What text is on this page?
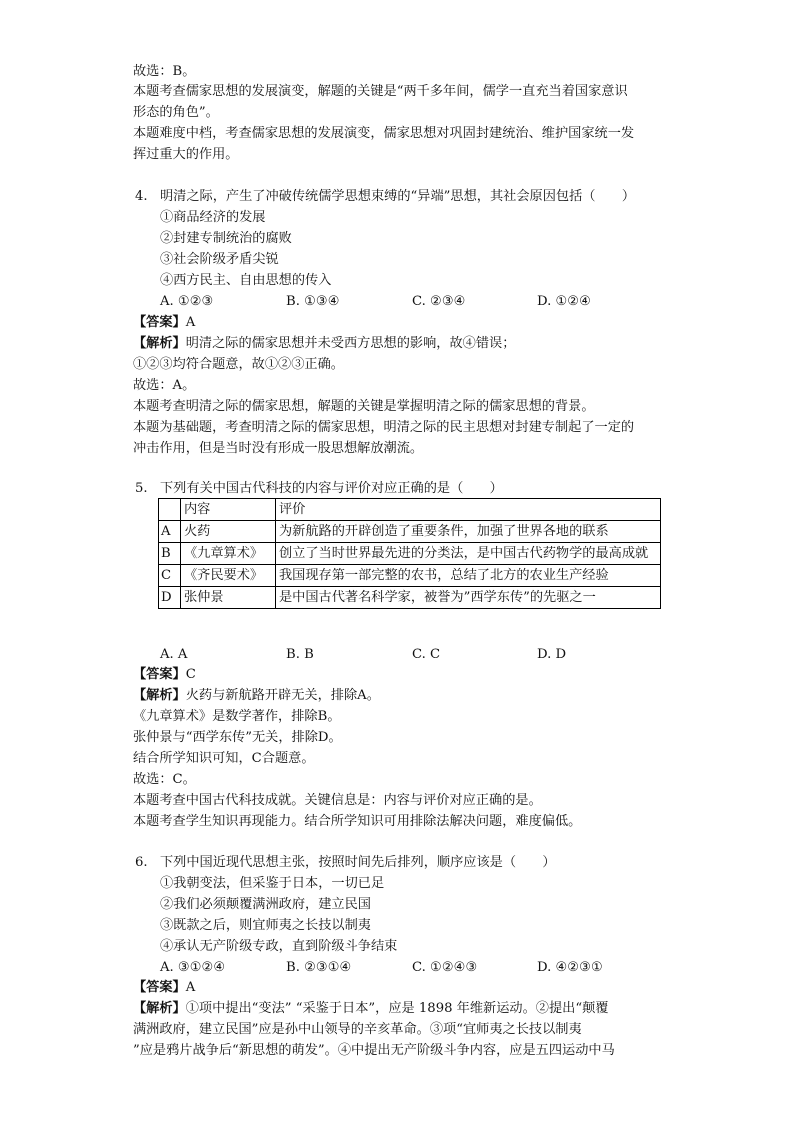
故选：B。
本题考查儒家思想的发展演变，解题的关键是“两千多年间，儒学一直充当着国家意识
形态的角色”。
本题难度中档，考查儒家思想的发展演变，儒家思想对巩固封建统治、维护国家统一发
挥过重大的作用。
4. 明清之际，产生了冲破传统儒学思想束缚的“异端”思想，其社会原因包括（　　）
①商品经济的发展
②封建专制统治的腐败
③社会阶级矛盾尖锐
④西方民主、自由思想的传入
A. ①②③	B. ①③④	C. ②③④	D. ①②④
【答案】A
【解析】明清之际的儒家思想并未受西方思想的影响，故④错误；
①②③均符合题意，故①②③正确。
故选：A。
本题考查明清之际的儒家思想，解题的关键是掌握明清之际的儒家思想的背景。
本题为基础题，考查明清之际的儒家思想，明清之际的民主思想对封建专制起了一定的
冲击作用，但是当时没有形成一股思想解放潮流。
5. 下列有关中国古代科技的内容与评价对应正确的是（　　）
	内容	评价
A	火药	为新航路的开辟创造了重要条件，加强了世界各地的联系
B	《九章算术》	创立了当时世界最先进的分类法，是中国古代药物学的最高成就
C	《齐民要术》	我国现存第一部完整的农书，总结了北方的农业生产经验
D	张仲景	是中国古代著名科学家，被誉为”西学东传”的先驱之一
A. A	B. B	C. C	D. D
【答案】C
【解析】火药与新航路开辟无关，排除A。
《九章算术》是数学著作，排除B。
张仲景与“西学东传”无关，排除D。
结合所学知识可知，C合题意。
故选：C。
本题考查中国古代科技成就。关键信息是：内容与评价对应正确的是。
本题考查学生知识再现能力。结合所学知识可用排除法解决问题，难度偏低。
6. 下列中国近现代思想主张，按照时间先后排列，顺序应该是（　　）
①我朝变法，但采鉴于日本，一切已足
②我们必须颠覆满洲政府，建立民国
③既款之后，则宜师夷之长技以制夷
④承认无产阶级专政，直到阶级斗争结束
A. ③①②④	B. ②③①④	C. ①②④③	D. ④②③①
【答案】A
【解析】①项中提出“变法” “采鉴于日本”，应是 1898 年维新运动。②提出“颠覆
满洲政府，建立民国”应是孙中山领导的辛亥革命。③项“宜师夷之长技以制夷
”应是鸦片战争后“新思想的萌发”。④中提出无产阶级斗争内容，应是五四运动中马
